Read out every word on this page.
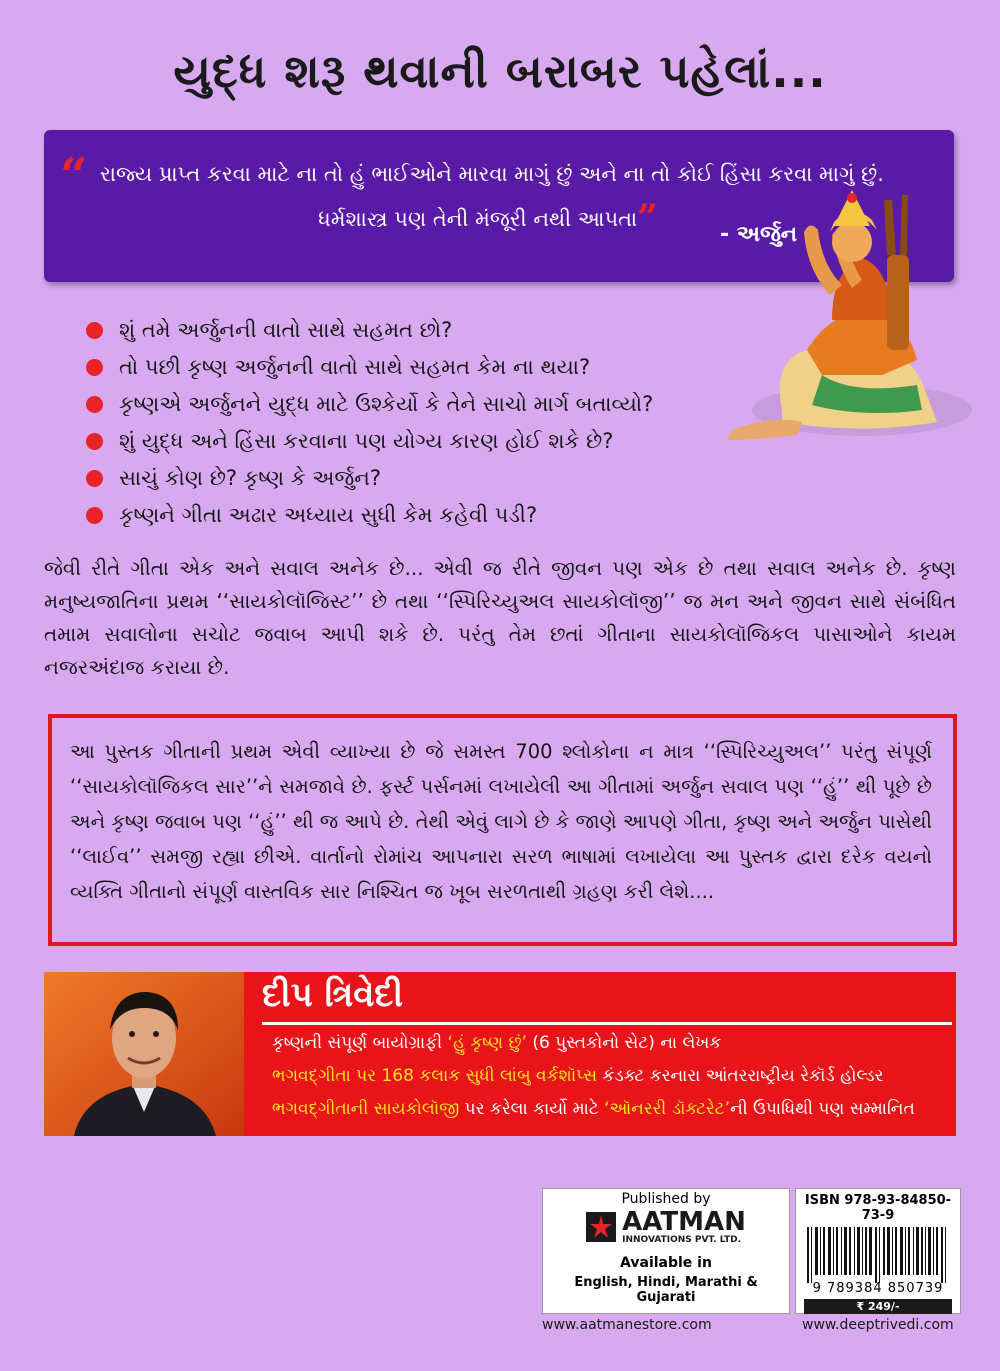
યુદ્ધ શરૂ થવાની બરાબર પહેલાં...
“ રાજ્ય પ્રાપ્ત કરવા માટે ના તો હું ભાઈઓને મારવા માગું છું અને ના તો કોઈ હિંસા કરવા માગું છું.
ધર્મશાસ્ત્ર પણ તેની મંજૂરી નથી આપતા”	- અર્જુન
શું તમે અર્જુનની વાતો સાથે સહમત છો?
તો પછી કૃષ્ણ અર્જુનની વાતો સાથે સહમત કેમ ના થયા?
કૃષ્ણએ અર્જુનને યુદ્ધ માટે ઉશ્કેર્યો કે તેને સાચો માર્ગ બતાવ્યો?
શું યુદ્ધ અને હિંસા કરવાના પણ યોગ્ય કારણ હોઈ શકે છે?
સાચું કોણ છે? કૃષ્ણ કે અર્જુન?
કૃષ્ણને ગીતા અઢાર અધ્યાય સુધી કેમ કહેવી પડી?
જેવી રીતે ગીતા એક અને સવાલ અનેક છે... એવી જ રીતે જીવન પણ એક છે તથા સવાલ અનેક છે. કૃષ્ણ મનુષ્યજાતિના પ્રથમ ‘‘સાયકોલૉજિસ્ટ’’ છે તથા ‘‘સ્પિરિચ્યુઅલ સાયકોલૉજી’’ જ મન અને જીવન સાથે સંબંધિત તમામ સવાલોના સચોટ જવાબ આપી શકે છે. પરંતુ તેમ છતાં ગીતાના સાયકોલૉજિકલ પાસાઓને કાયમ નજરઅંદાજ કરાયા છે.
આ પુસ્તક ગીતાની પ્રથમ એવી વ્યાખ્યા છે જે સમસ્ત 700 શ્લોકોના ન માત્ર ‘‘સ્પિરિચ્યુઅલ’’ પરંતુ સંપૂર્ણ ‘‘સાયકોલૉજિકલ સાર’’ને સમજાવે છે. ફર્સ્ટ પર્સનમાં લખાયેલી આ ગીતામાં અર્જુન સવાલ પણ ‘‘હું’’ થી પૂછે છે અને કૃષ્ણ જવાબ પણ ‘‘હું’’ થી જ આપે છે. તેથી એવું લાગે છે કે જાણે આપણે ગીતા, કૃષ્ણ અને અર્જુન પાસેથી ‘‘લાઈવ’’ સમજી રહ્યા છીએ. વાર્તાનો રોમાંચ આપનારા સરળ ભાષામાં લખાયેલા આ પુસ્તક દ્વારા દરેક વયનો વ્યક્તિ ગીતાનો સંપૂર્ણ વાસ્તવિક સાર નિશ્ચિત જ ખૂબ સરળતાથી ગ્રહણ કરી લેશે....
દીપ ત્રિવેદી
કૃષ્ણની સંપૂર્ણ બાયોગ્રાફી ‘હું કૃષ્ણ છું’ (6 પુસ્તકોનો સેટ) ના લેખક
ભગવદ્ગીતા પર 168 કલાક સુધી લાંબુ વર્કશૉપ્સ કંડક્ટ કરનારા આંતરરાષ્ટ્રીય રેકૉર્ડ હોલ્ડર
ભગવદ્ગીતાની સાયકોલૉજી પર કરેલા કાર્યો માટે ‘ઑનરરી ડૉક્ટરેટ’ની ઉપાધિથી પણ સમ્માનિત
Published by
AATMAN
INNOVATIONS PVT. LTD.
Available in
English, Hindi, Marathi & Gujarati
ISBN 978-93-84850-73-9
9 789384 850739
₹ 249/-
www.aatmanestore.com	www.deeptrivedi.com
